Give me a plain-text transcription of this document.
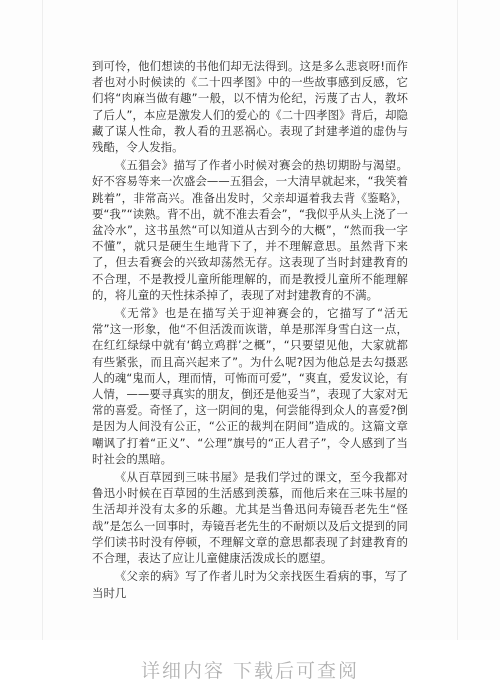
到可怜，他们想读的书他们却无法得到。这是多么悲哀呀!而作者也对小时候读的《二十四孝图》中的一些故事感到反感，它们将“肉麻当做有趣”一般，以不情为伦纪，污蔑了古人，教坏了后人”，本应是激发人们的爱心的《二十四孝图》背后，却隐藏了谋人性命，教人看的丑恶祸心。表现了封建孝道的虚伪与残酷，令人发指。

《五猖会》描写了作者小时候对赛会的热切期盼与渴望。好不容易等来一次盛会——五猖会，一大清早就起来，“我笑着跳着”，非常高兴。准备出发时，父亲却逼着我去背《鉴略》，要“我”“读熟。背不出，就不准去看会”，“我似乎从头上浇了一盆冷水”，这书虽然“可以知道从古到今的大概”，“然而我一字不懂”，就只是硬生生地背下了，并不理解意思。虽然背下来了，但去看赛会的兴致却荡然无存。这表现了当时封建教育的不合理，不是教授儿童所能理解的，而是教授儿童所不能理解的，将儿童的天性抹杀掉了，表现了对封建教育的不满。

《无常》也是在描写关于迎神赛会的，它描写了“活无常”这一形象，他“不但活泼而诙谐，单是那浑身雪白这一点，在红红绿绿中就有‘鹤立鸡群’之概”，“只要望见他，大家就都有些紧张，而且高兴起来了”。为什么呢?因为他总是去勾摄恶人的魂“鬼而人，理而情，可怖而可爱”，“爽直，爱发议论，有人情，——要寻真实的朋友，倒还是他妥当”，表现了大家对无常的喜爱。奇怪了，这一阴间的鬼，何尝能得到众人的喜爱?倒是因为人间没有公正，“公正的裁判在阴间”造成的。这篇文章嘲讽了打着“正义”、“公理”旗号的“正人君子”，令人感到了当时社会的黑暗。

《从百草园到三味书屋》是我们学过的课文，至今我都对鲁迅小时候在百草园的生活感到羡慕，而他后来在三味书屋的生活却并没有太多的乐趣。尤其是当鲁迅问寿镜吾老先生“怪哉”是怎么一回事时，寿镜吾老先生的不耐烦以及后文提到的同学们读书时没有停顿，不理解文章的意思都表现了封建教育的不合理，表达了应让儿童健康活泼成长的愿望。

《父亲的病》写了作者儿时为父亲找医生看病的事，写了当时几

详细内容 下载后可查阅
